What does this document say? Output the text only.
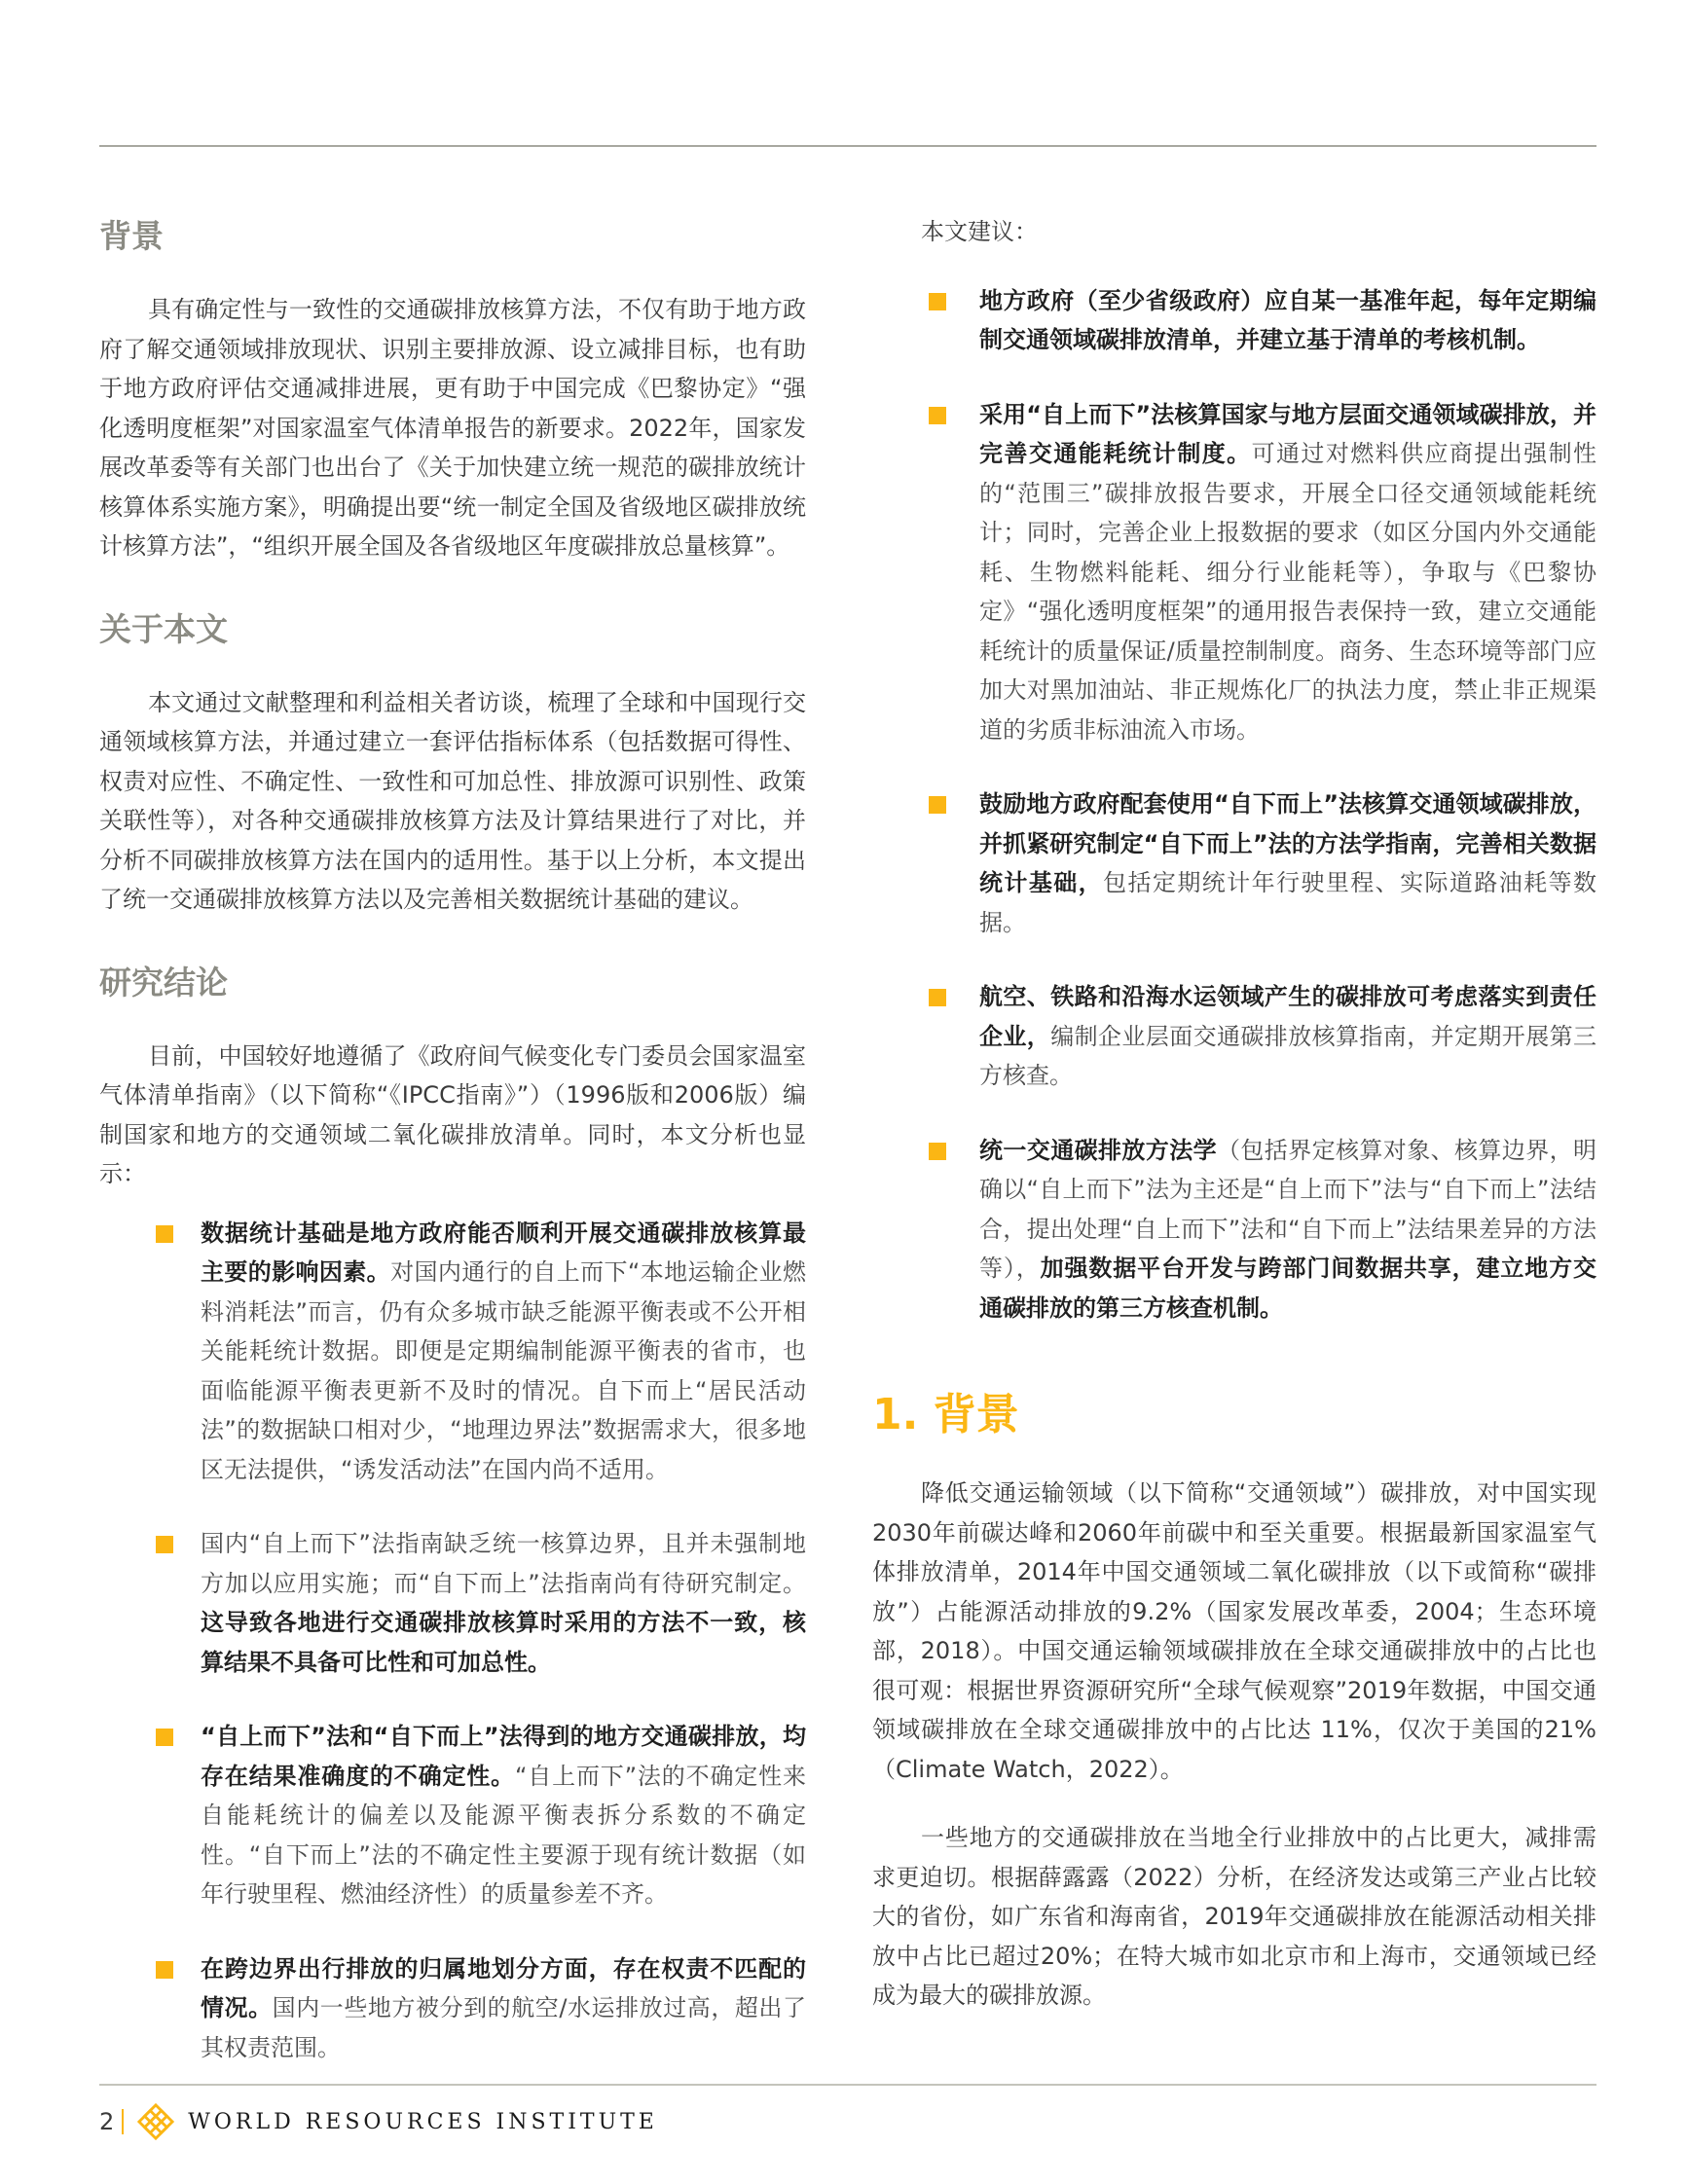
背景

具有确定性与一致性的交通碳排放核算方法，不仅有助于地方政府了解交通领域排放现状、识别主要排放源、设立减排目标，也有助于地方政府评估交通减排进展，更有助于中国完成《巴黎协定》“强化透明度框架”对国家温室气体清单报告的新要求。2022年，国家发展改革委等有关部门也出台了《关于加快建立统一规范的碳排放统计核算体系实施方案》，明确提出要“统一制定全国及省级地区碳排放统计核算方法”，“组织开展全国及各省级地区年度碳排放总量核算”。

关于本文

本文通过文献整理和利益相关者访谈，梳理了全球和中国现行交通领域核算方法，并通过建立一套评估指标体系（包括数据可得性、权责对应性、不确定性、一致性和可加总性、排放源可识别性、政策关联性等），对各种交通碳排放核算方法及计算结果进行了对比，并分析不同碳排放核算方法在国内的适用性。基于以上分析，本文提出了统一交通碳排放核算方法以及完善相关数据统计基础的建议。

研究结论

目前，中国较好地遵循了《政府间气候变化专门委员会国家温室气体清单指南》（以下简称“《IPCC指南》”）（1996版和2006版）编制国家和地方的交通领域二氧化碳排放清单。同时，本文分析也显示：

数据统计基础是地方政府能否顺利开展交通碳排放核算最主要的影响因素。对国内通行的自上而下“本地运输企业燃料消耗法”而言，仍有众多城市缺乏能源平衡表或不公开相关能耗统计数据。即便是定期编制能源平衡表的省市，也面临能源平衡表更新不及时的情况。自下而上“居民活动法”的数据缺口相对少，“地理边界法”数据需求大，很多地区无法提供，“诱发活动法”在国内尚不适用。
国内“自上而下”法指南缺乏统一核算边界，且并未强制地方加以应用实施；而“自下而上”法指南尚有待研究制定。这导致各地进行交通碳排放核算时采用的方法不一致，核算结果不具备可比性和可加总性。
“自上而下”法和“自下而上”法得到的地方交通碳排放，均存在结果准确度的不确定性。“自上而下”法的不确定性来自能耗统计的偏差以及能源平衡表拆分系数的不确定性。“自下而上”法的不确定性主要源于现有统计数据（如年行驶里程、燃油经济性）的质量参差不齐。
在跨边界出行排放的归属地划分方面，存在权责不匹配的情况。国内一些地方被分到的航空/水运排放过高，超出了其权责范围。

本文建议：

地方政府（至少省级政府）应自某一基准年起，每年定期编制交通领域碳排放清单，并建立基于清单的考核机制。
采用“自上而下”法核算国家与地方层面交通领域碳排放，并完善交通能耗统计制度。可通过对燃料供应商提出强制性的“范围三”碳排放报告要求，开展全口径交通领域能耗统计；同时，完善企业上报数据的要求（如区分国内外交通能耗、生物燃料能耗、细分行业能耗等），争取与《巴黎协定》“强化透明度框架”的通用报告表保持一致，建立交通能耗统计的质量保证/质量控制制度。商务、生态环境等部门应加大对黑加油站、非正规炼化厂的执法力度，禁止非正规渠道的劣质非标油流入市场。
鼓励地方政府配套使用“自下而上”法核算交通领域碳排放，并抓紧研究制定“自下而上”法的方法学指南，完善相关数据统计基础，包括定期统计年行驶里程、实际道路油耗等数据。
航空、铁路和沿海水运领域产生的碳排放可考虑落实到责任企业，编制企业层面交通碳排放核算指南，并定期开展第三方核查。
统一交通碳排放方法学（包括界定核算对象、核算边界，明确以“自上而下”法为主还是“自上而下”法与“自下而上”法结合，提出处理“自上而下”法和“自下而上”法结果差异的方法等），加强数据平台开发与跨部门间数据共享，建立地方交通碳排放的第三方核查机制。
1. 背景

降低交通运输领域（以下简称“交通领域”）碳排放，对中国实现2030年前碳达峰和2060年前碳中和至关重要。根据最新国家温室气体排放清单，2014年中国交通领域二氧化碳排放（以下或简称“碳排放”）占能源活动排放的9.2%（国家发展改革委，2004；生态环境部，2018）。中国交通运输领域碳排放在全球交通碳排放中的占比也很可观：根据世界资源研究所“全球气候观察”2019年数据，中国交通领域碳排放在全球交通碳排放中的占比达 11%，仅次于美国的21%（Climate Watch，2022）。

一些地方的交通碳排放在当地全行业排放中的占比更大，减排需求更迫切。根据薛露露（2022）分析，在经济发达或第三产业占比较大的省份，如广东省和海南省，2019年交通碳排放在能源活动相关排放中占比已超过20%；在特大城市如北京市和上海市，交通领域已经成为最大的碳排放源。

2	WORLD RESOURCES INSTITUTE
